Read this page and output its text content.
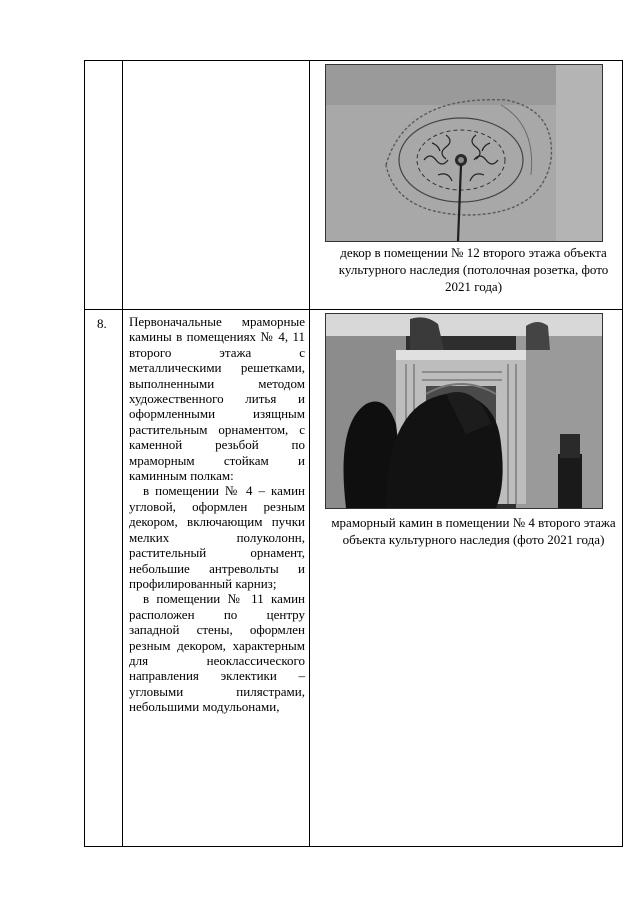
		декор в помещении № 12 второго этажа объекта культурного наследия (потолочная розетка, фото 2021 года)

8.	Первоначальные мраморные камины в помещениях № 4, 11 второго этажа с металлическими решетками, выполненными методом художественного литья и оформленными изящным растительным орнаментом, с каменной резьбой по мраморным стойкам и каминным полкам:

в помещении № 4 – камин угловой, оформлен резным декором, включающим пучки мелких полуколонн, растительный орнамент, небольшие антревольты и профилированный карниз;

в помещении № 11 камин расположен по центру западной стены, оформлен резным декором, характерным для неоклассического направления эклектики – угловыми пилястрами, небольшими модульонами,	мраморный камин в помещении № 4 второго этажа объекта культурного наследия (фото 2021 года)
